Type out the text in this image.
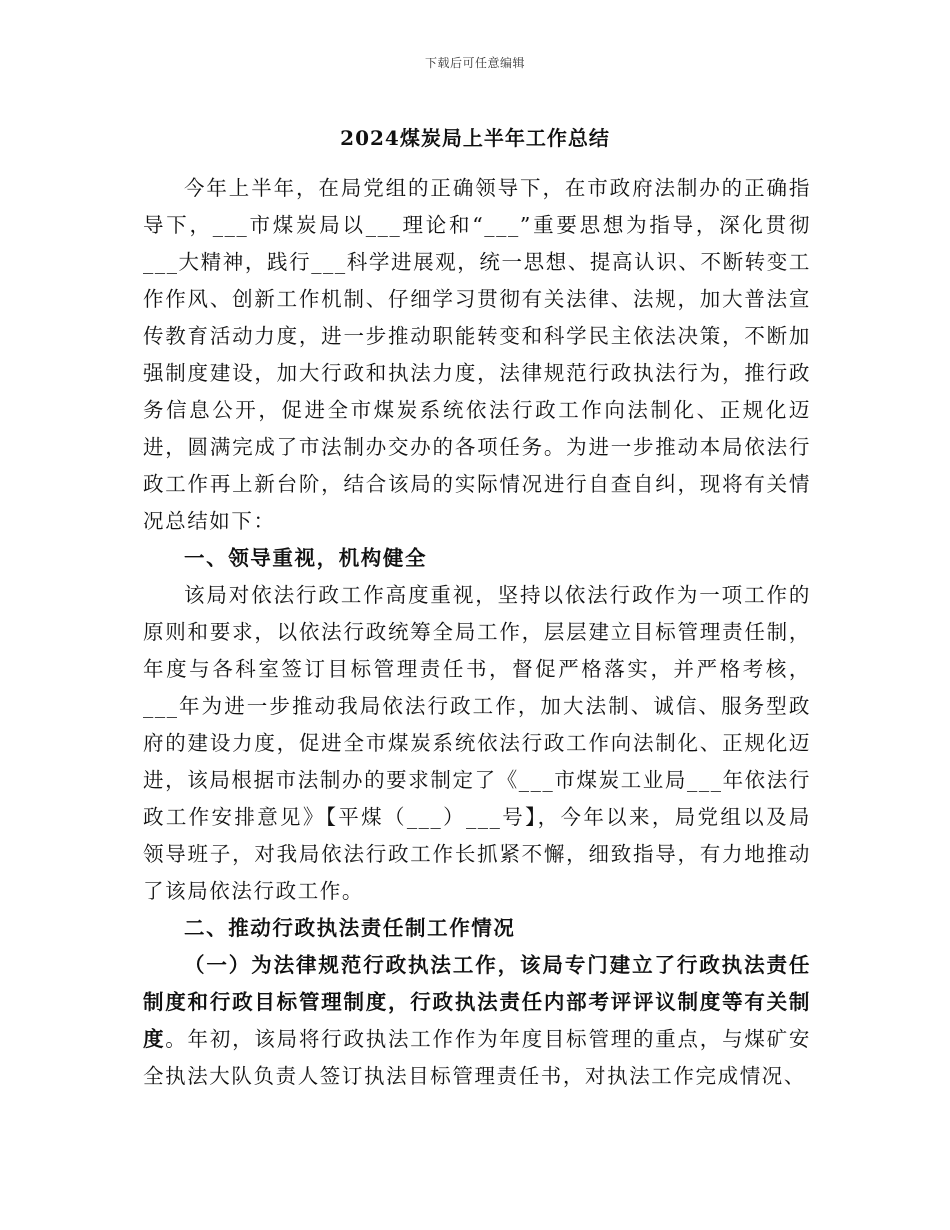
下载后可任意编辑
2024煤炭局上半年工作总结

今年上半年，在局党组的正确领导下，在市政府法制办的正确指导下，___市煤炭局以___理论和“___”重要思想为指导，深化贯彻___大精神，践行___科学进展观，统一思想、提高认识、不断转变工作作风、创新工作机制、仔细学习贯彻有关法律、法规，加大普法宣传教育活动力度，进一步推动职能转变和科学民主依法决策，不断加强制度建设，加大行政和执法力度，法律规范行政执法行为，推行政务信息公开，促进全市煤炭系统依法行政工作向法制化、正规化迈进，圆满完成了市法制办交办的各项任务。为进一步推动本局依法行政工作再上新台阶，结合该局的实际情况进行自查自纠，现将有关情况总结如下：

一、领导重视，机构健全

该局对依法行政工作高度重视，坚持以依法行政作为一项工作的原则和要求，以依法行政统筹全局工作，层层建立目标管理责任制，年度与各科室签订目标管理责任书，督促严格落实，并严格考核，___年为进一步推动我局依法行政工作，加大法制、诚信、服务型政府的建设力度，促进全市煤炭系统依法行政工作向法制化、正规化迈进，该局根据市法制办的要求制定了《___市煤炭工业局___年依法行政工作安排意见》【平煤（___）___号】，今年以来，局党组以及局领导班子，对我局依法行政工作长抓紧不懈，细致指导，有力地推动了该局依法行政工作。

二、推动行政执法责任制工作情况

（一）为法律规范行政执法工作，该局专门建立了行政执法责任制度和行政目标管理制度，行政执法责任内部考评评议制度等有关制度。年初，该局将行政执法工作作为年度目标管理的重点，与煤矿安全执法大队负责人签订执法目标管理责任书，对执法工作完成情况、
